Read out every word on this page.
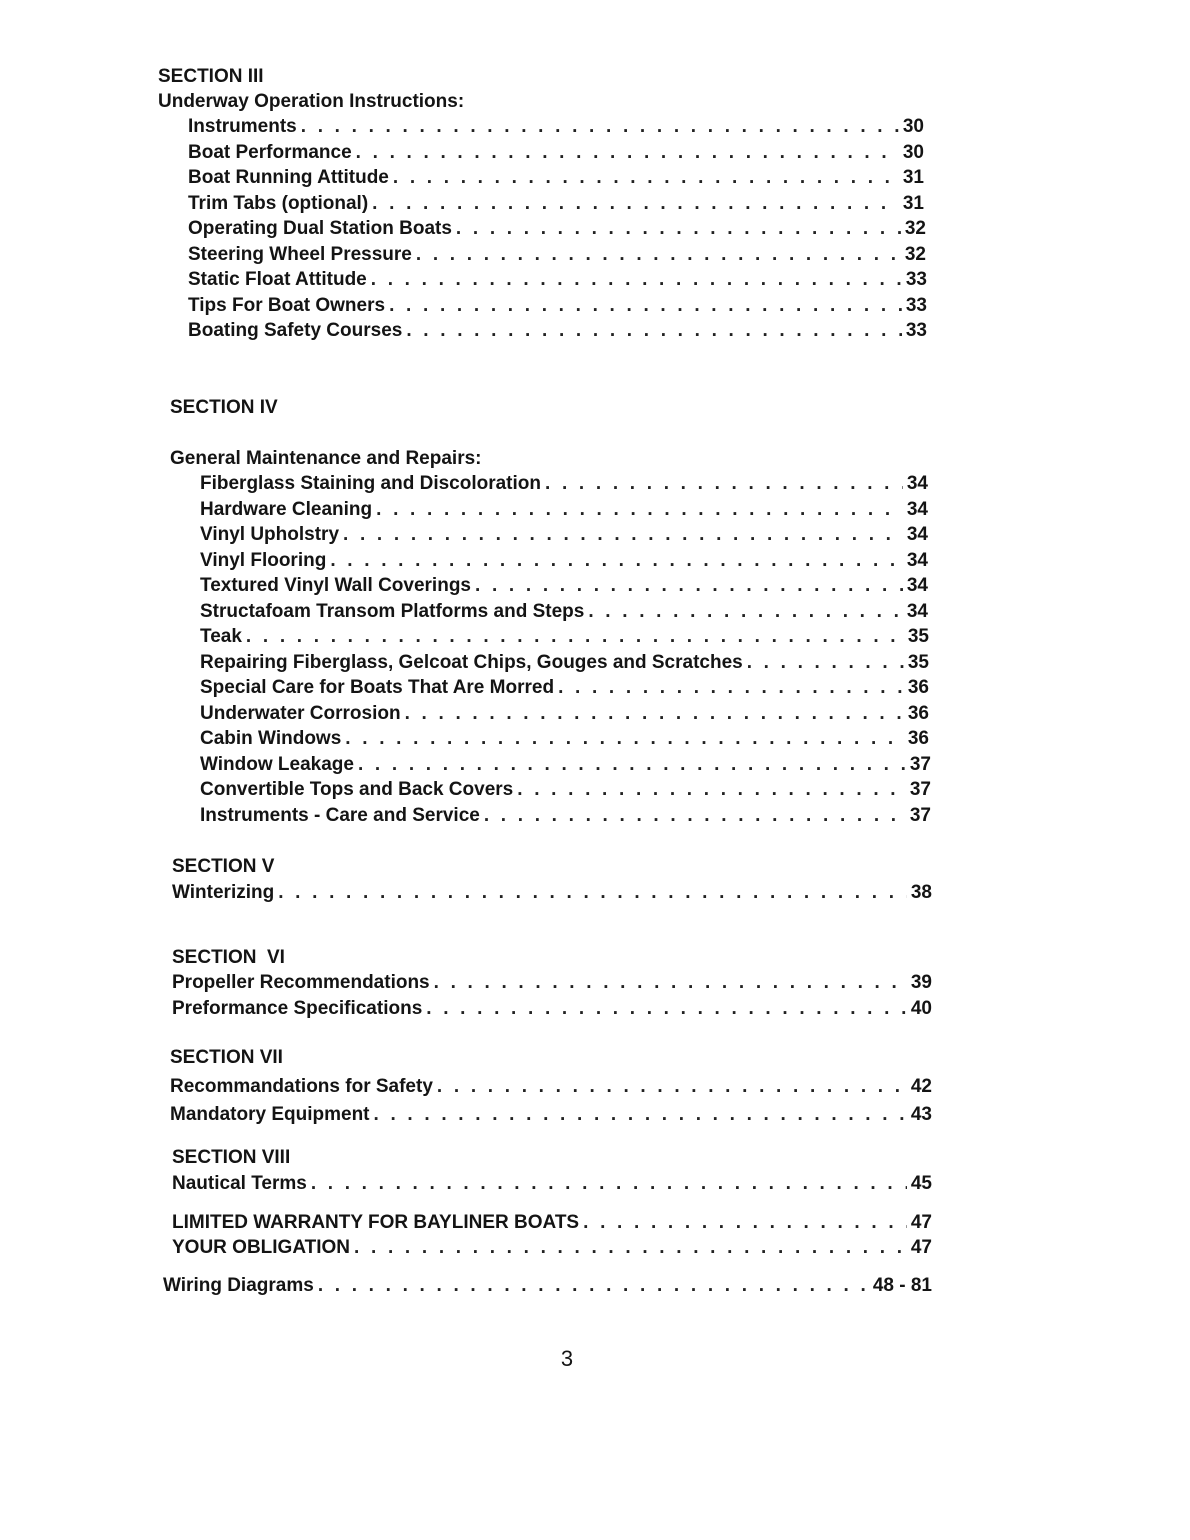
SECTION III
Underway Operation Instructions:
Instruments . . .	30
Boat Performance . . .	30
Boat Running Attitude . . .	31
Trim Tabs (optional) . . .	31
Operating Dual Station Boats . . .	32
Steering Wheel Pressure . . .	32
Static Float Attitude . . .	33
Tips For Boat Owners . . .	33
Boating Safety Courses . . .	33
SECTION IV
General Maintenance and Repairs:
Fiberglass Staining and Discoloration . . .	34
Hardware Cleaning . . .	34
Vinyl Upholstry . . .	34
Vinyl Flooring . . .	34
Textured Vinyl Wall Coverings . . .	34
Structafoam Transom Platforms and Steps . . .	34
Teak . . .	35
Repairing Fiberglass, Gelcoat Chips, Gouges and Scratches . . .	35
Special Care for Boats That Are Morred . . .	36
Underwater Corrosion . . .	36
Cabin Windows . . .	36
Window Leakage . . .	37
Convertible Tops and Back Covers . . .	37
Instruments - Care and Service . . .	37
SECTION V
Winterizing . . .	38
SECTION  VI
Propeller Recommendations . . .	39
Preformance Specifications . . .	40
SECTION VII
Recommandations for Safety . . .	42
Mandatory Equipment . . .	43
SECTION VIII
Nautical Terms . . .	45
LIMITED WARRANTY FOR BAYLINER BOATS . . .	47
YOUR OBLIGATION . . .	47
Wiring Diagrams . . .	48 - 81
3
